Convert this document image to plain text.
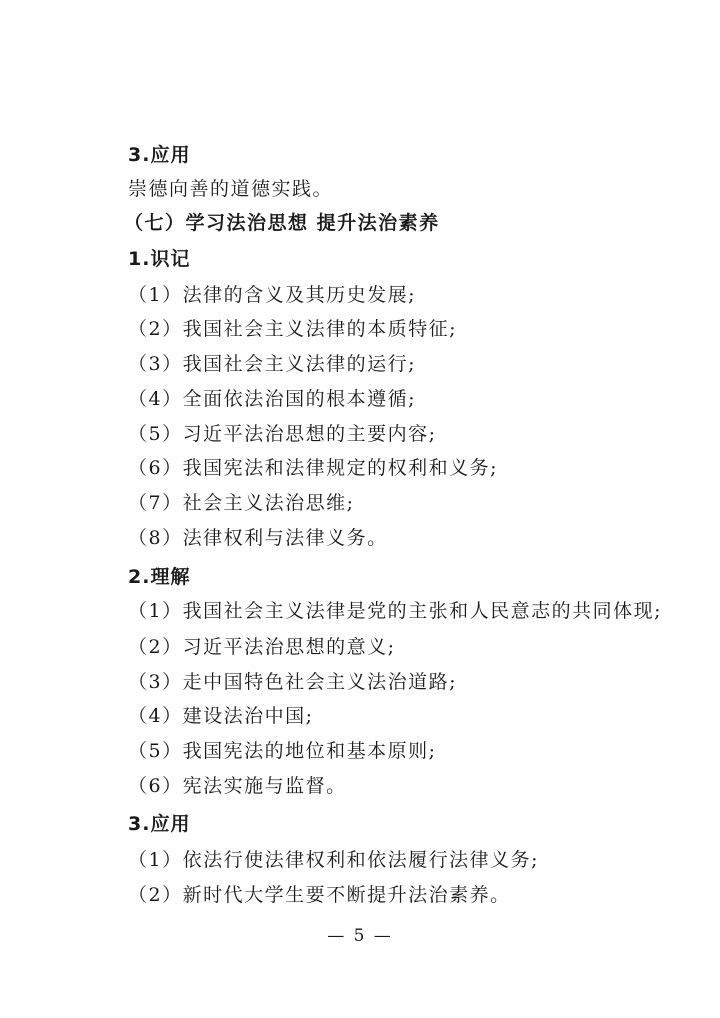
3.应用
崇德向善的道德实践。
（七）学习法治思想 提升法治素养
1.识记
（1）法律的含义及其历史发展;
（2）我国社会主义法律的本质特征;
（3）我国社会主义法律的运行;
（4）全面依法治国的根本遵循;
（5）习近平法治思想的主要内容;
（6）我国宪法和法律规定的权利和义务;
（7）社会主义法治思维;
（8）法律权利与法律义务。
2.理解
（1）我国社会主义法律是党的主张和人民意志的共同体现;
（2）习近平法治思想的意义;
（3）走中国特色社会主义法治道路;
（4）建设法治中国;
（5）我国宪法的地位和基本原则;
（6）宪法实施与监督。
3.应用
（1）依法行使法律权利和依法履行法律义务;
（2）新时代大学生要不断提升法治素养。
— 5 —
